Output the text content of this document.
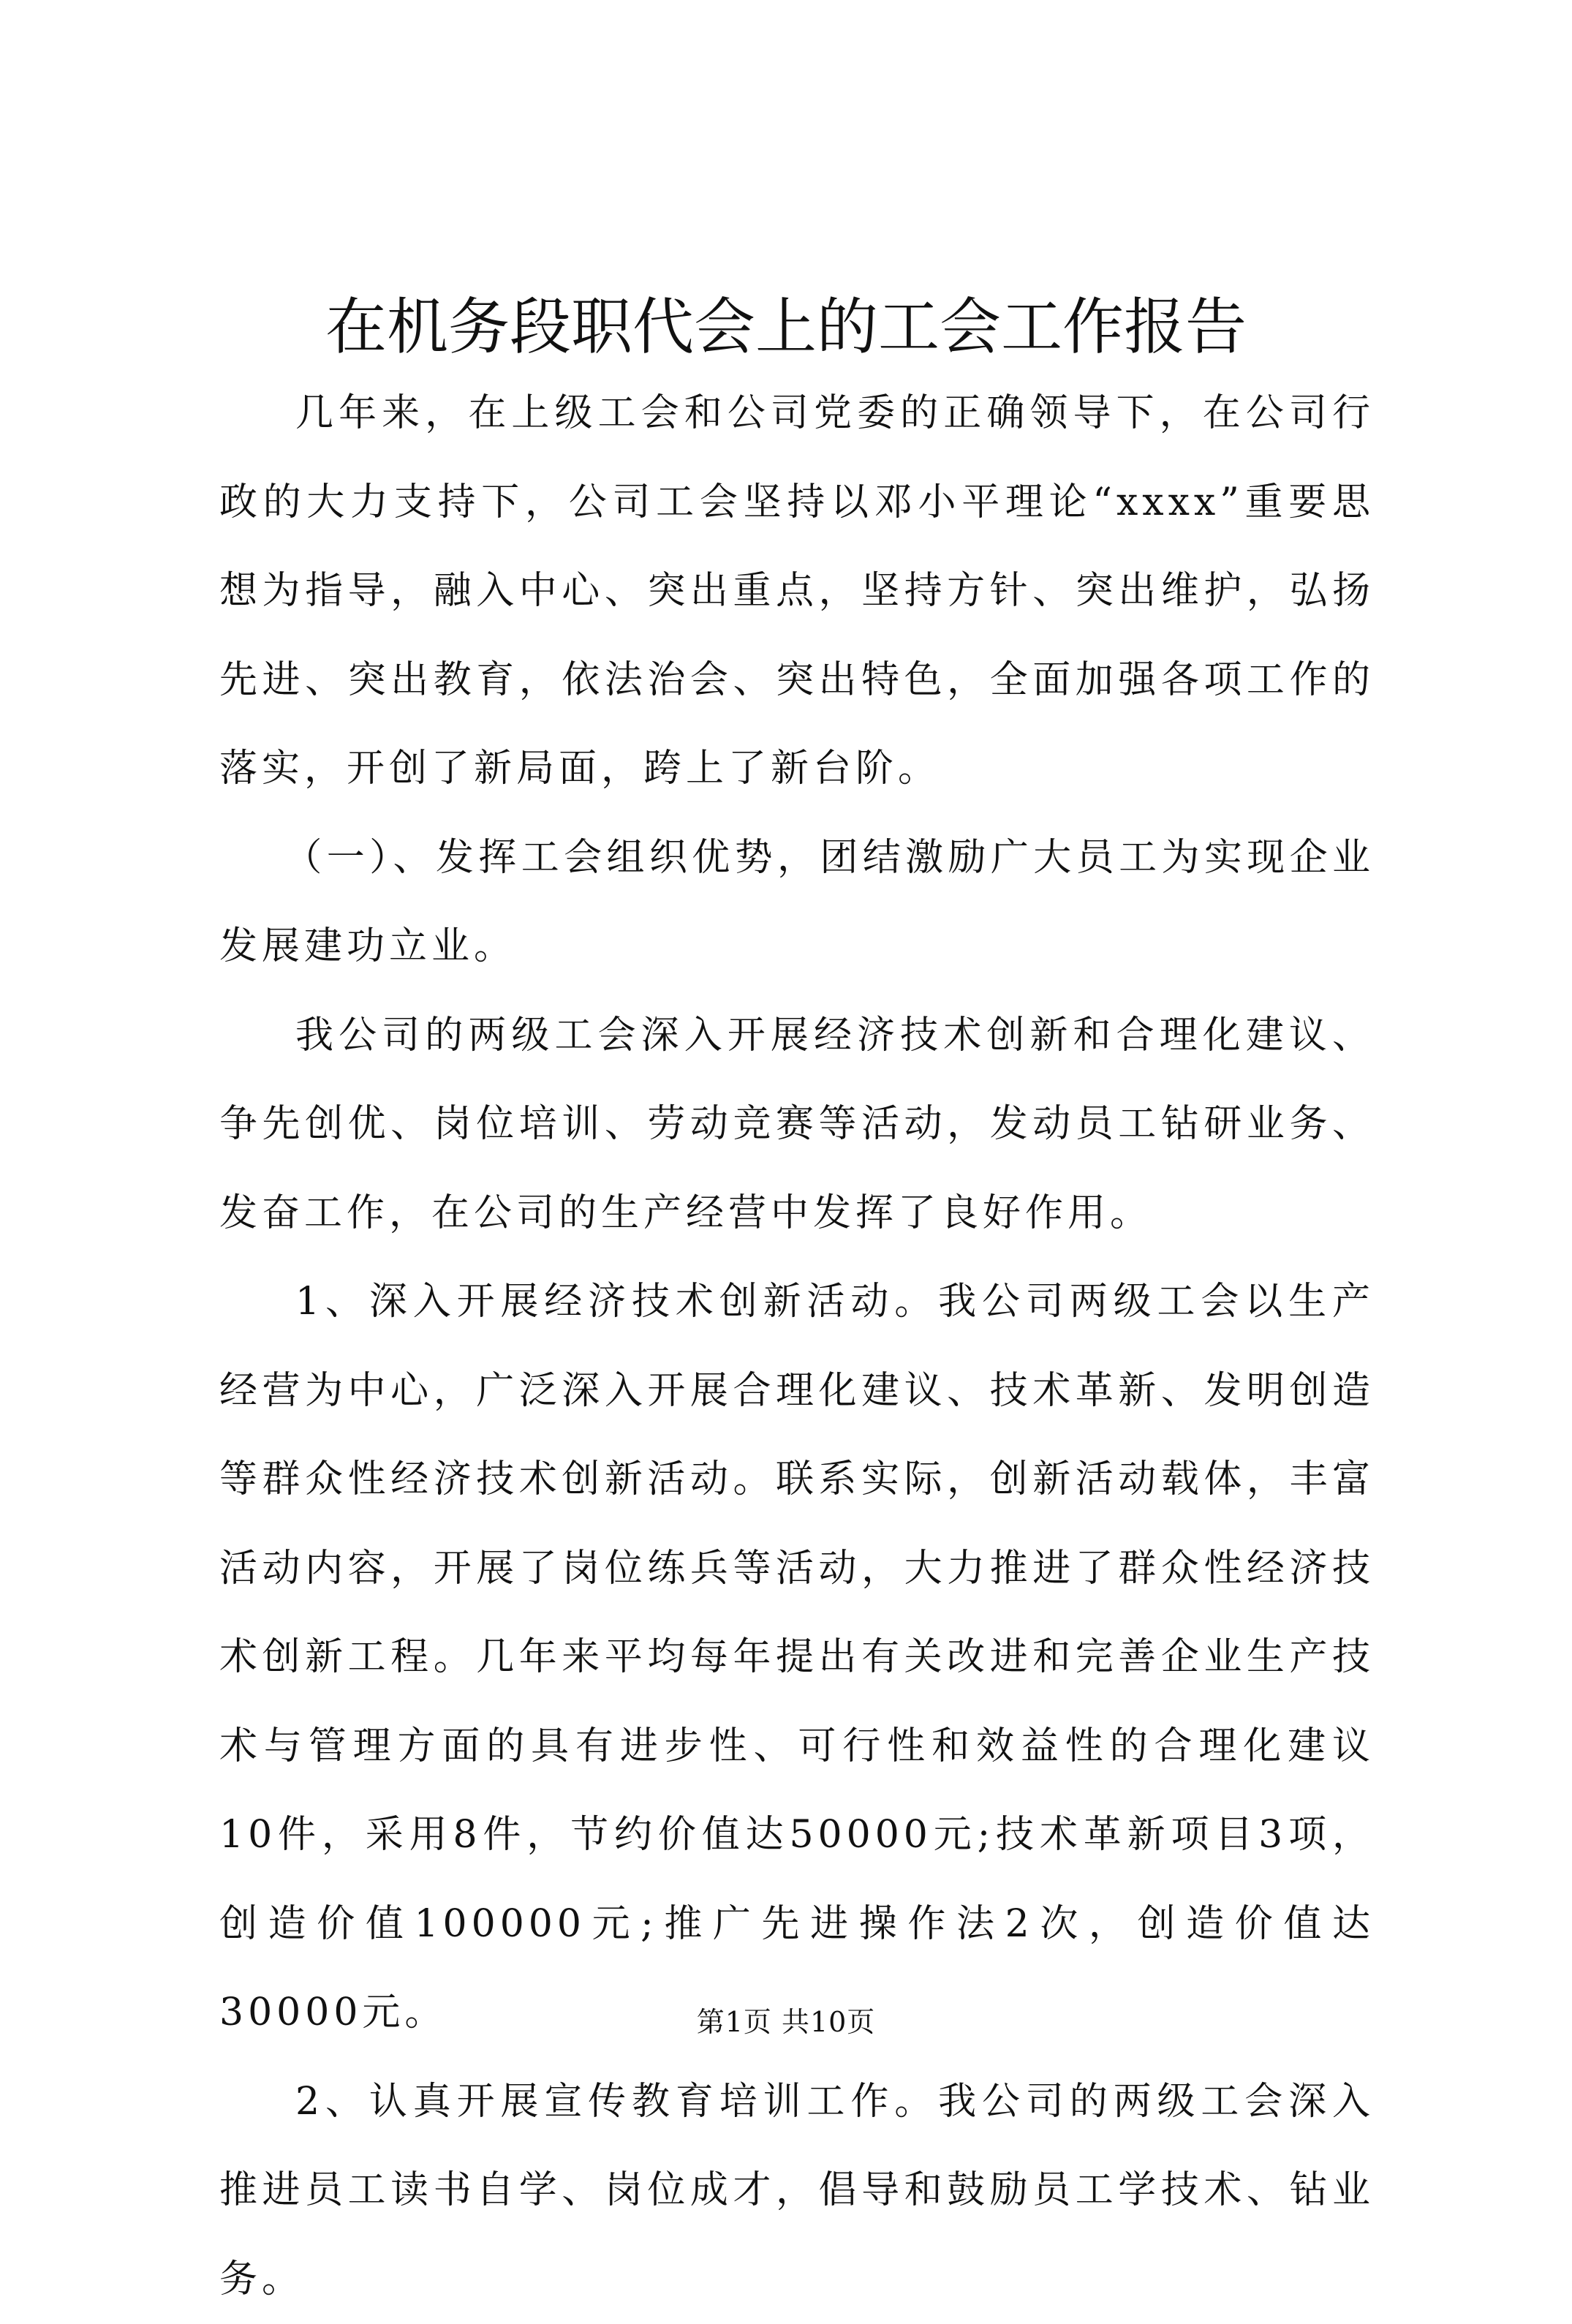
在机务段职代会上的工会工作报告

几年来，在上级工会和公司党委的正确领导下，在公司行政的大力支持下，公司工会坚持以邓小平理论“xxxx”重要思想为指导，融入中心、突出重点，坚持方针、突出维护，弘扬先进、突出教育，依法治会、突出特色，全面加强各项工作的落实，开创了新局面，跨上了新台阶。

（一）、发挥工会组织优势，团结激励广大员工为实现企业发展建功立业。

我公司的两级工会深入开展经济技术创新和合理化建议、争先创优、岗位培训、劳动竞赛等活动，发动员工钻研业务、发奋工作，在公司的生产经营中发挥了良好作用。

1、深入开展经济技术创新活动。我公司两级工会以生产经营为中心，广泛深入开展合理化建议、技术革新、发明创造等群众性经济技术创新活动。联系实际，创新活动载体，丰富活动内容，开展了岗位练兵等活动，大力推进了群众性经济技术创新工程。几年来平均每年提出有关改进和完善企业生产技术与管理方面的具有进步性、可行性和效益性的合理化建议10件，采用8件，节约价值达50000元;技术革新项目3项，创造价值100000元;推广先进操作法2次，创造价值达30000元。

2、认真开展宣传教育培训工作。我公司的两级工会深入推进员工读书自学、岗位成才，倡导和鼓励员工学技术、钻业务。

第1页 共10页
